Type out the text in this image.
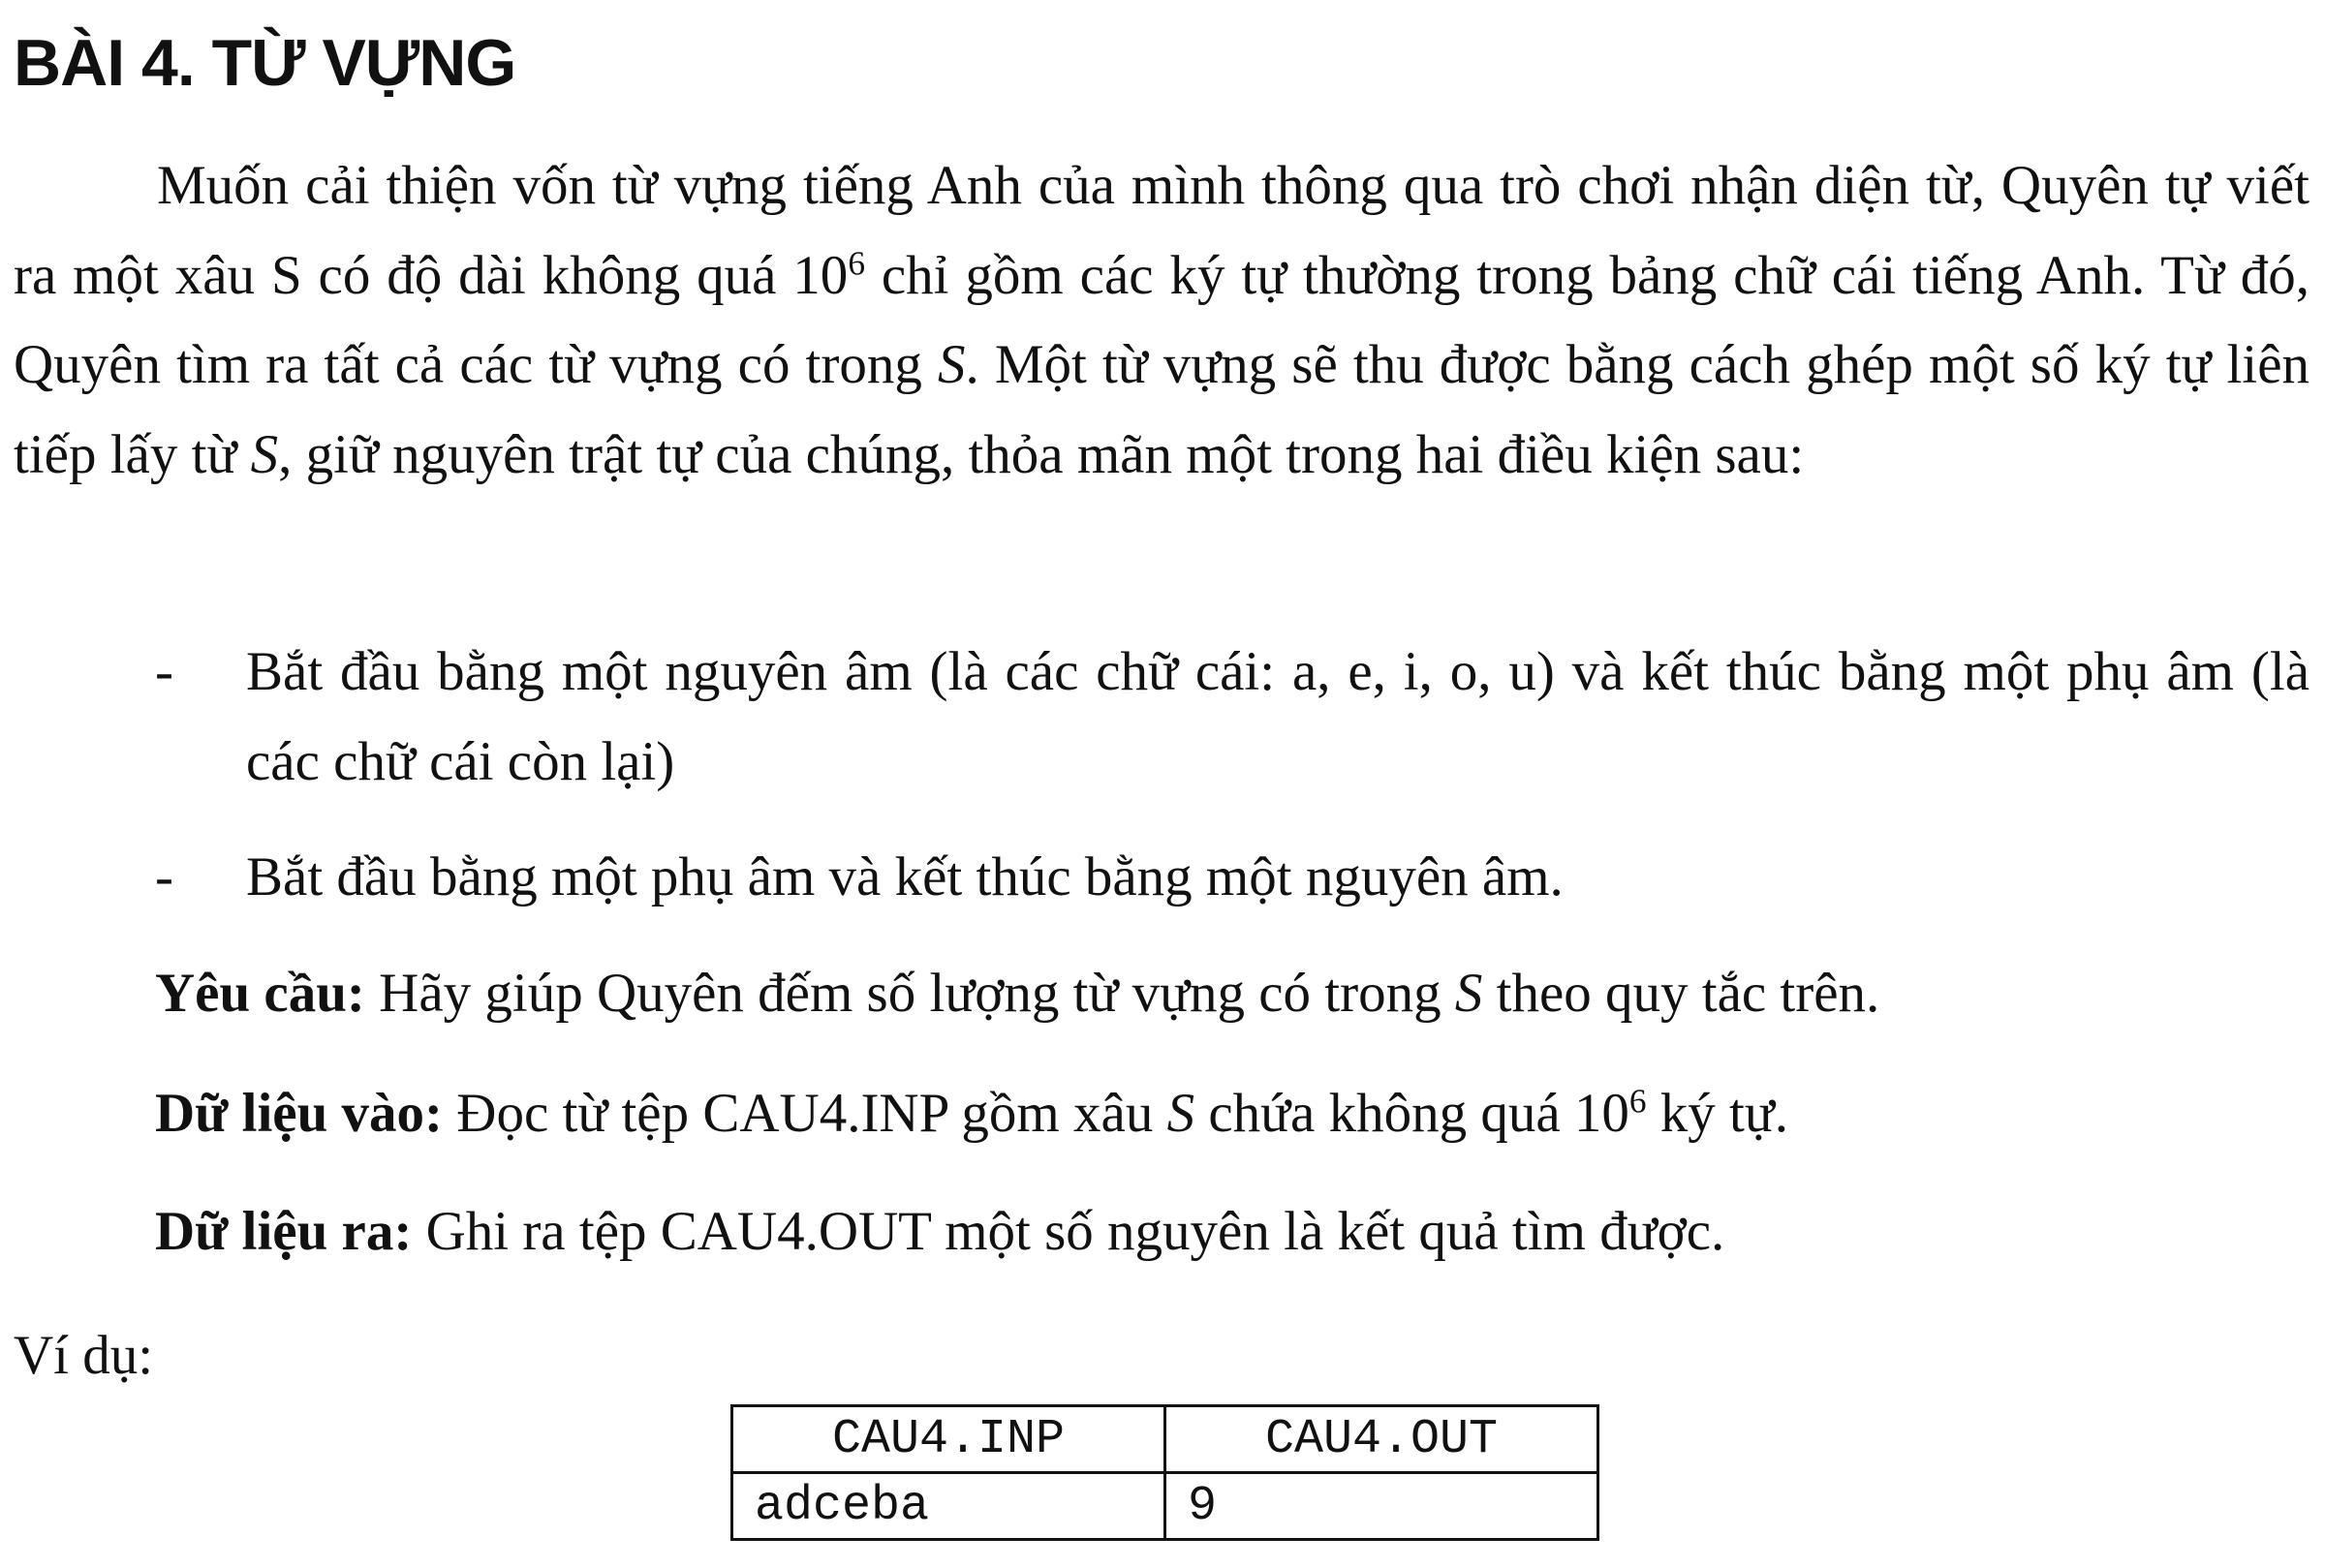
BÀI 4. TỪ VỰNG

Muốn cải thiện vốn từ vựng tiếng Anh của mình thông qua trò chơi nhận diện từ, Quyên tự viết ra một xâu S có độ dài không quá $10^6$ chỉ gồm các ký tự thường trong bảng chữ cái tiếng Anh. Từ đó, Quyên tìm ra tất cả các từ vựng có trong S. Một từ vựng sẽ thu được bằng cách ghép một số ký tự liên tiếp lấy từ S, giữ nguyên trật tự của chúng, thỏa mãn một trong hai điều kiện sau:

- Bắt đầu bằng một nguyên âm (là các chữ cái: a, e, i, o, u) và kết thúc bằng một phụ âm (là các chữ cái còn lại)
- Bắt đầu bằng một phụ âm và kết thúc bằng một nguyên âm.

Yêu cầu: Hãy giúp Quyên đếm số lượng từ vựng có trong S theo quy tắc trên.

Dữ liệu vào: Đọc từ tệp CAU4.INP gồm xâu S chứa không quá $10^6$ ký tự.

Dữ liệu ra: Ghi ra tệp CAU4.OUT một số nguyên là kết quả tìm được.

Ví dụ:

CAU4.INP	CAU4.OUT
adceba	9
